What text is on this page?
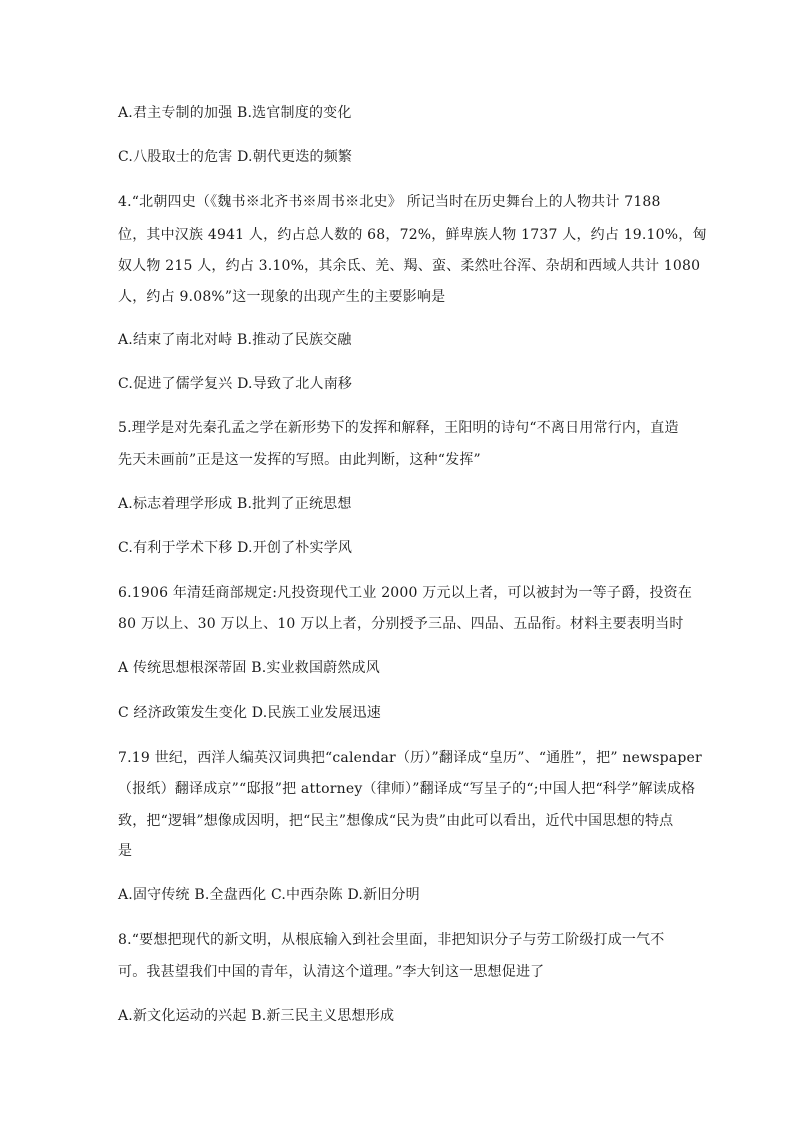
A.君主专制的加强 B.选官制度的变化
C.八股取士的危害 D.朝代更迭的频繁
4.“北朝四史（《魏书※北齐书※周书※北史》 所记当时在历史舞台上的人物共计 7188
位，其中汉族 4941 人，约占总人数的 68，72%，鲜卑族人物 1737 人，约占 19.10%，匈
奴人物 215 人，约占 3.10%，其余氐、羌、羯、蛮、柔然吐谷浑、杂胡和西域人共计 1080
人，约占 9.08%”这一现象的出现产生的主要影响是
A.结束了南北对峙 B.推动了民族交融
C.促进了儒学复兴 D.导致了北人南移
5.理学是对先秦孔孟之学在新形势下的发挥和解释，王阳明的诗句“不离日用常行内，直造
先天未画前”正是这一发挥的写照。由此判断，这种“发挥”
A.标志着理学形成 B.批判了正统思想
C.有利于学术下移 D.开创了朴实学风
6.1906 年清廷商部规定:凡投资现代工业 2000 万元以上者，可以被封为一等子爵，投资在
80 万以上、30 万以上、10 万以上者，分别授予三品、四品、五品衔。材料主要表明当时
A 传统思想根深蒂固 B.实业救国蔚然成风
C 经济政策发生变化 D.民族工业发展迅速
7.19 世纪，西洋人编英汉词典把“calendar（历）”翻译成“皇历”、“通胜”，把” newspaper
（报纸）翻译成京”“邸报”把 attorney（律师）”翻译成“写呈子的“;中国人把“科学”解读成格
致，把“逻辑”想像成因明，把“民主”想像成“民为贵”由此可以看出，近代中国思想的特点
是
A.固守传统 B.全盘西化 C.中西杂陈 D.新旧分明
8.“要想把现代的新文明，从根底输入到社会里面，非把知识分子与劳工阶级打成一气不
可。我甚望我们中国的青年，认清这个道理。”李大钊这一思想促进了
A.新文化运动的兴起 B.新三民主义思想形成
